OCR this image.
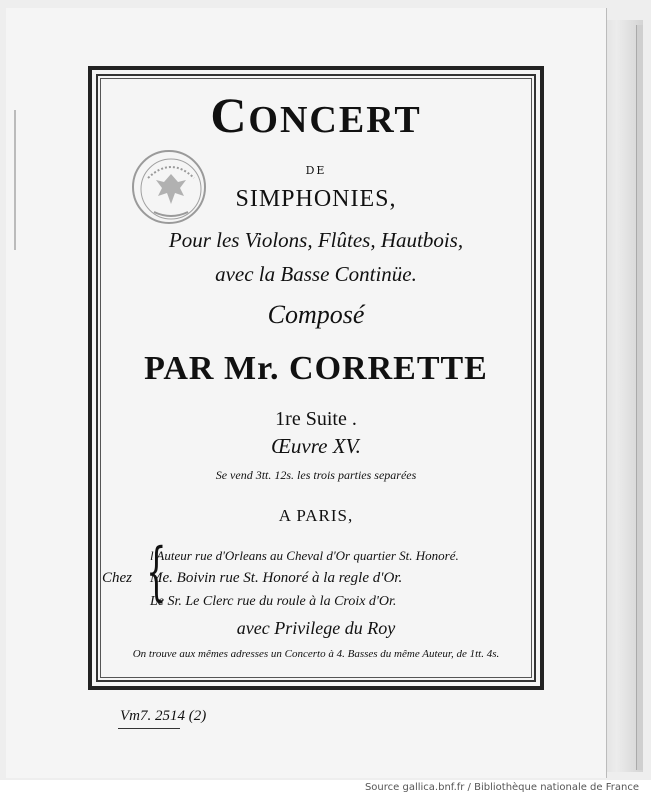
CONCERT
DE
SIMPHONIES,
Pour les Violons, Flûtes, Hautbois,
avec la Basse Continüe.
Composé
PAR Mr. CORRETTE
1re Suite .
Œuvre XV.
Se vend 3tt. 12s. les trois parties separées
A PARIS,
Chez {
l'Auteur rue d'Orleans au Cheval d'Or quartier St. Honoré.
Me. Boivin rue St. Honoré à la regle d'Or.
Le Sr. Le Clerc rue du roule à la Croix d'Or.
avec Privilege du Roy
On trouve aux mêmes adresses un Concerto à 4. Basses du même Auteur, de 1tt. 4s.
Vm7. 2514 (2)
Source gallica.bnf.fr / Bibliothèque nationale de France
